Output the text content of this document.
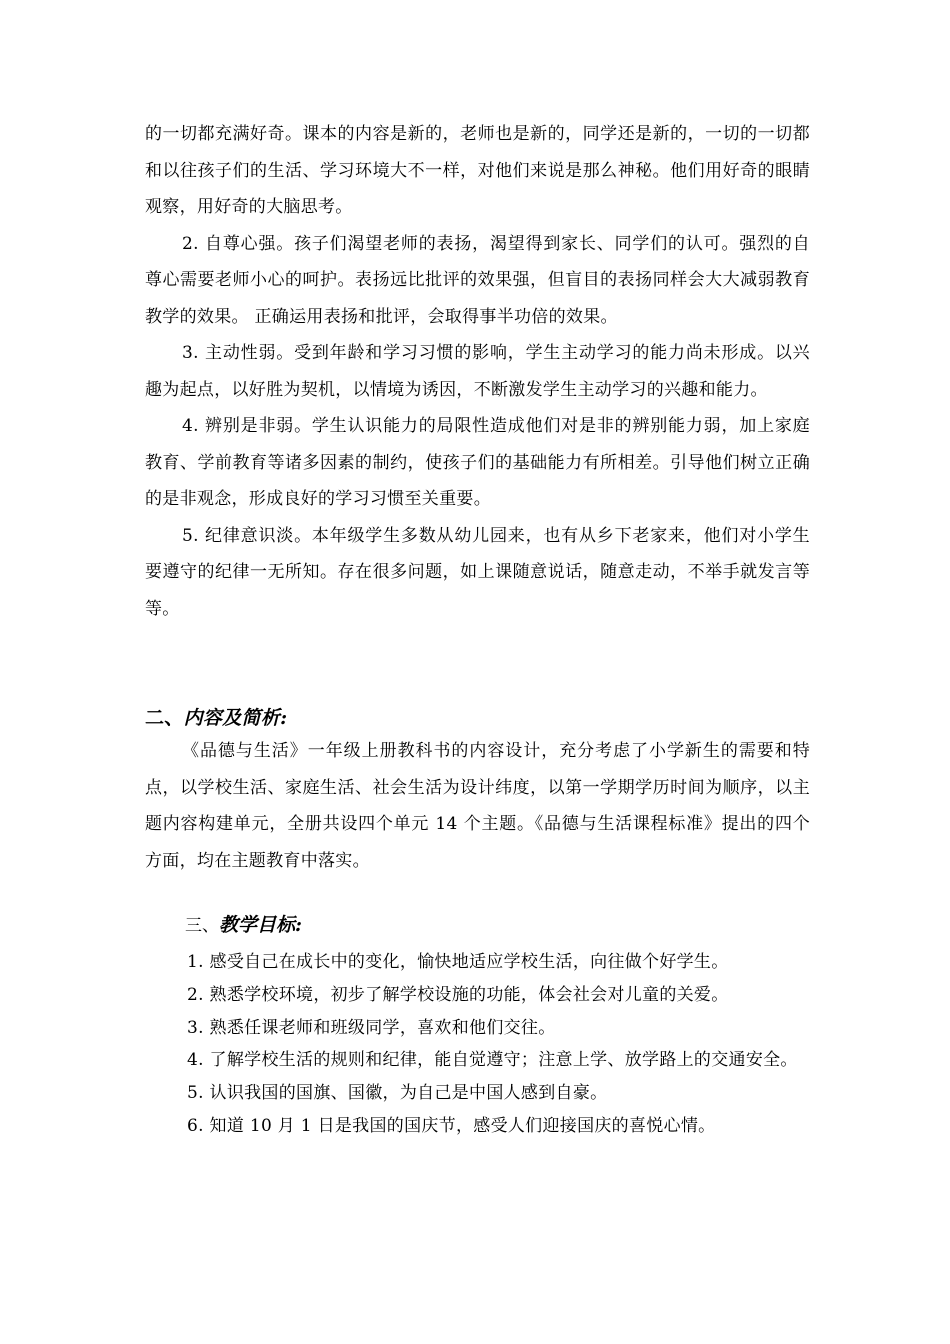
的一切都充满好奇。课本的内容是新的，老师也是新的，同学还是新的，一切的一切都和以往孩子们的生活、学习环境大不一样，对他们来说是那么神秘。他们用好奇的眼睛观察，用好奇的大脑思考。

2. 自尊心强。孩子们渴望老师的表扬，渴望得到家长、同学们的认可。强烈的自尊心需要老师小心的呵护。表扬远比批评的效果强，但盲目的表扬同样会大大减弱教育教学的效果。 正确运用表扬和批评，会取得事半功倍的效果。

3. 主动性弱。受到年龄和学习习惯的影响，学生主动学习的能力尚未形成。以兴趣为起点，以好胜为契机，以情境为诱因，不断激发学生主动学习的兴趣和能力。

4. 辨别是非弱。学生认识能力的局限性造成他们对是非的辨别能力弱，加上家庭教育、学前教育等诸多因素的制约，使孩子们的基础能力有所相差。引导他们树立正确的是非观念，形成良好的学习习惯至关重要。

5. 纪律意识淡。本年级学生多数从幼儿园来，也有从乡下老家来，他们对小学生要遵守的纪律一无所知。存在很多问题，如上课随意说话，随意走动，不举手就发言等等。

二、内容及简析:

《品德与生活》一年级上册教科书的内容设计，充分考虑了小学新生的需要和特点，以学校生活、家庭生活、社会生活为设计纬度，以第一学期学历时间为顺序，以主题内容构建单元，全册共设四个单元 14 个主题。《品德与生活课程标准》提出的四个方面，均在主题教育中落实。

三、教学目标:

1. 感受自己在成长中的变化，愉快地适应学校生活，向往做个好学生。

2. 熟悉学校环境，初步了解学校设施的功能，体会社会对儿童的关爱。

3. 熟悉任课老师和班级同学，喜欢和他们交往。

4. 了解学校生活的规则和纪律，能自觉遵守；注意上学、放学路上的交通安全。

5. 认识我国的国旗、国徽，为自己是中国人感到自豪。

6. 知道 10 月 1 日是我国的国庆节，感受人们迎接国庆的喜悦心情。
